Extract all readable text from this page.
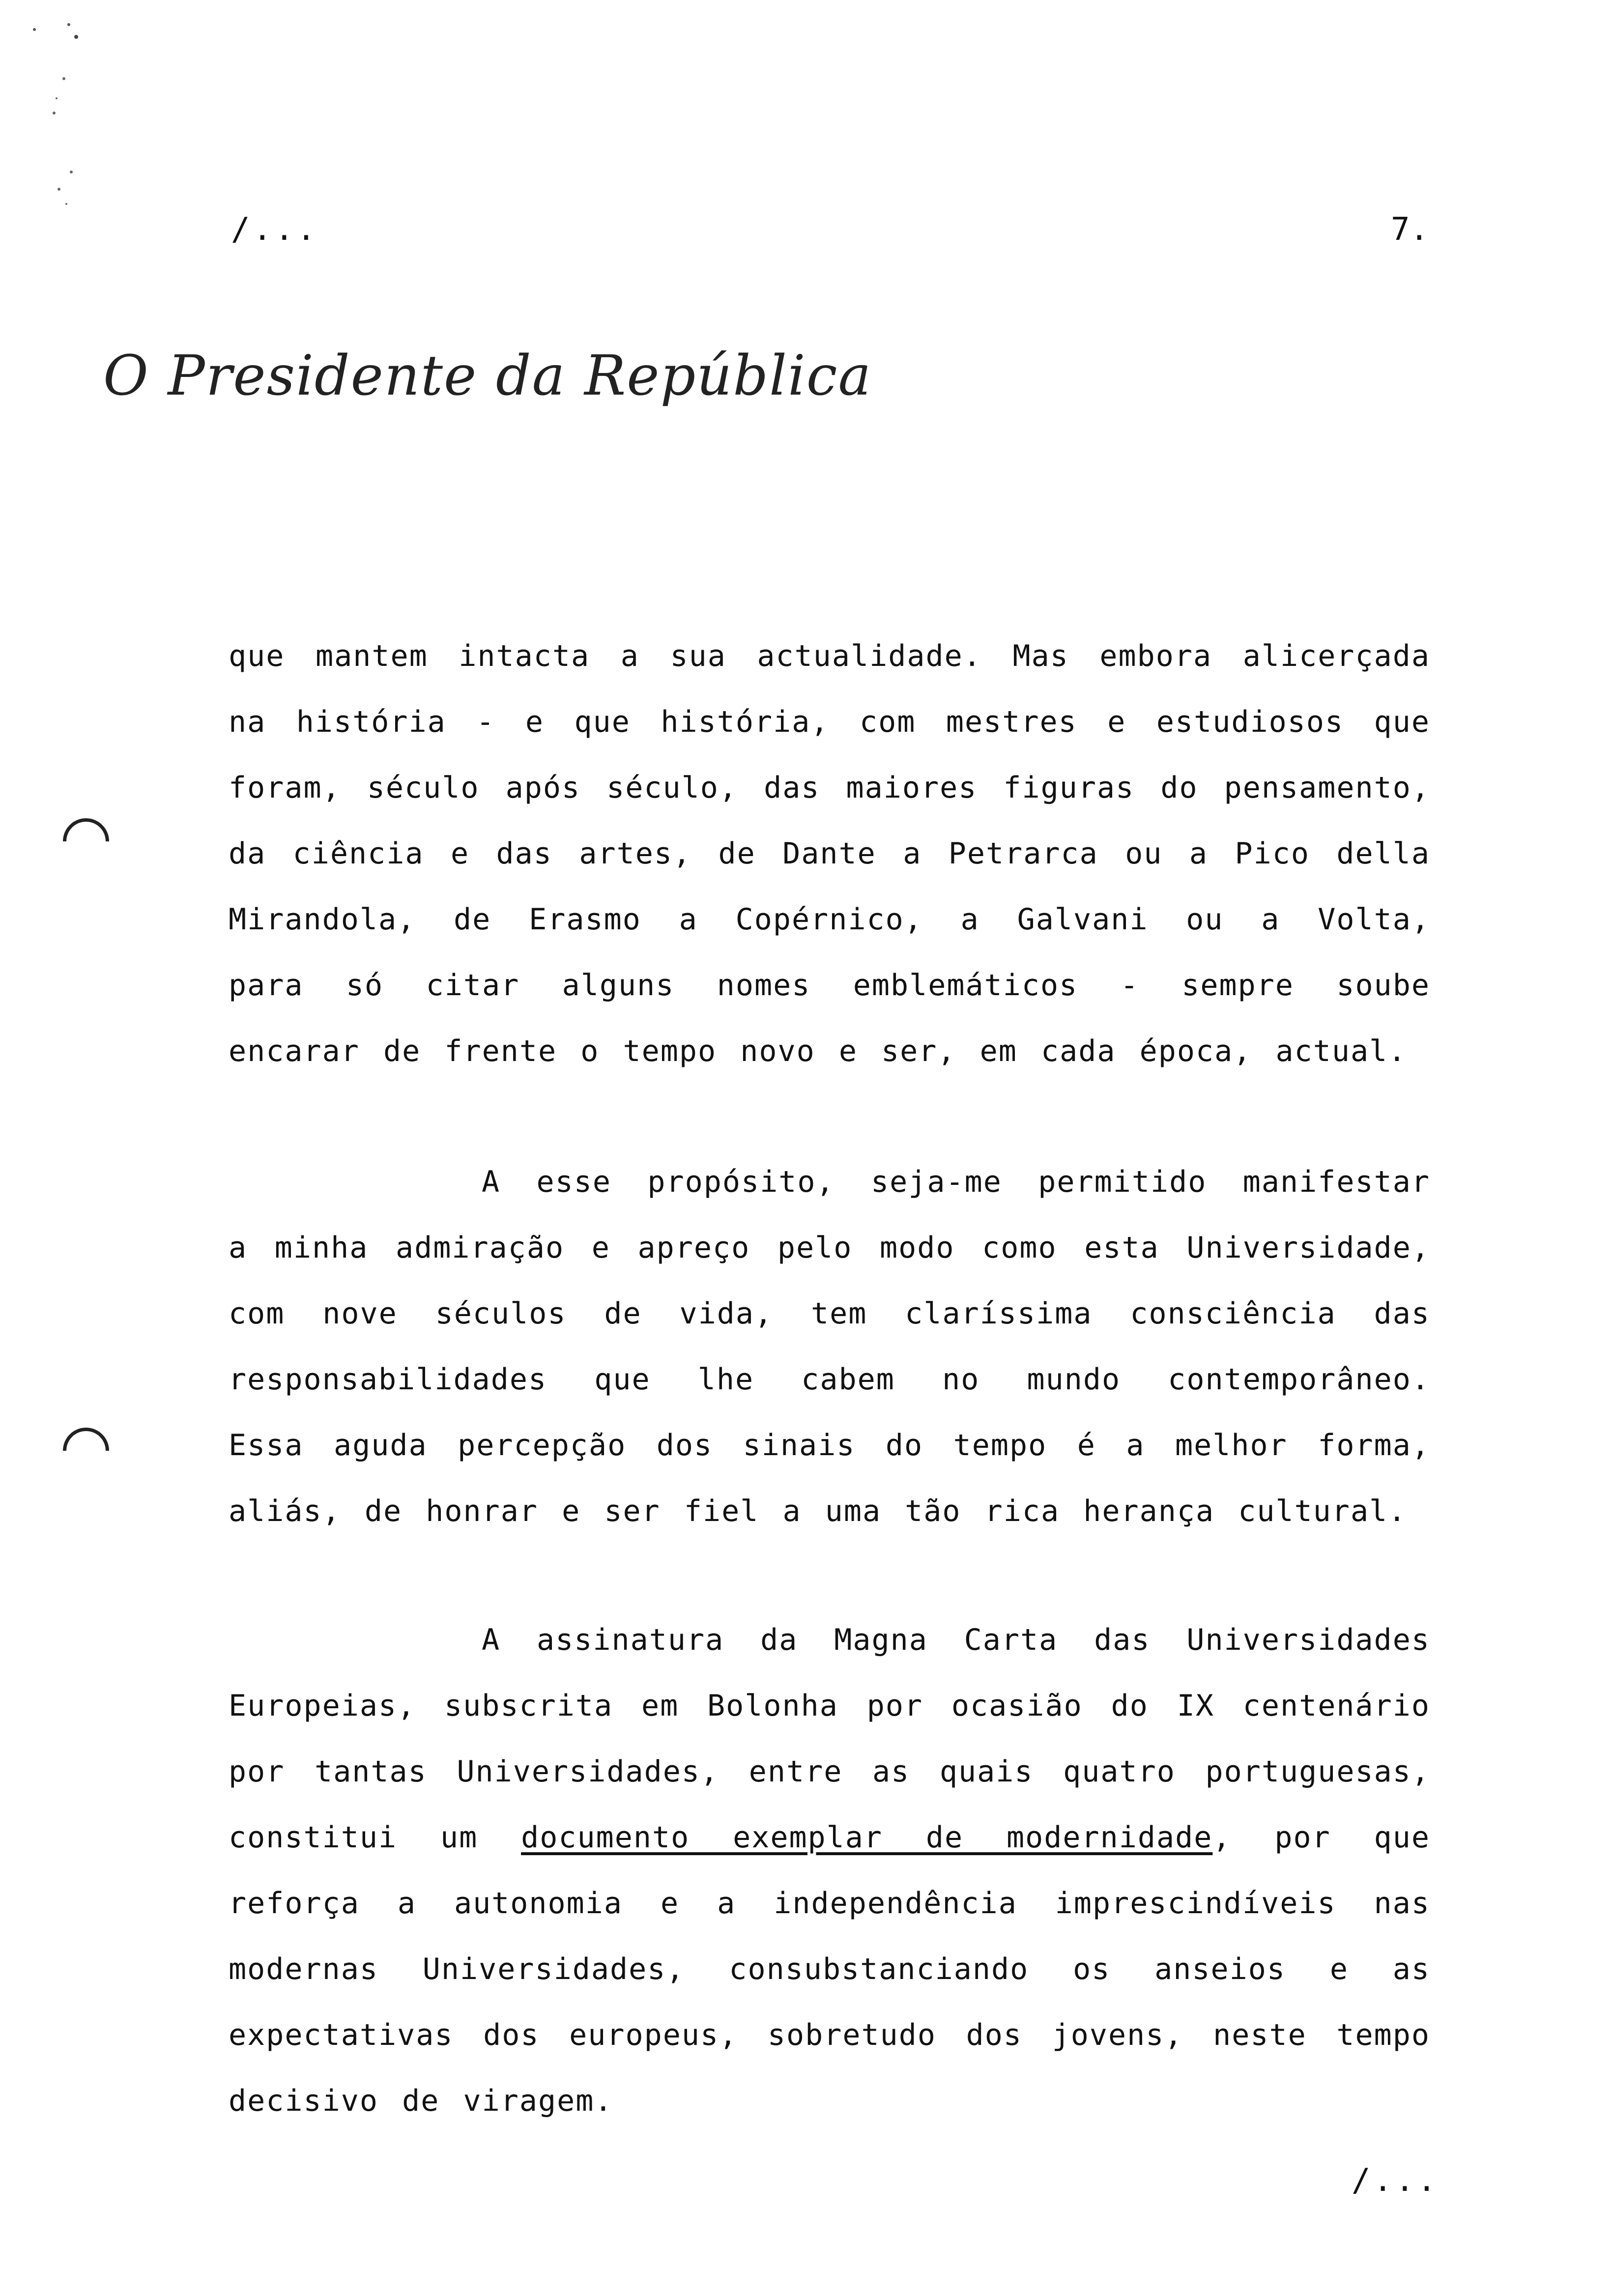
/...	7.
O Presidente da República
que mantem intacta a sua actualidade. Mas embora alicerçada
na história - e que história, com mestres e estudiosos que
foram, século após século, das maiores figuras do pensamento,
da ciência e das artes, de Dante a Petrarca ou a Pico della
Mirandola, de Erasmo a Copérnico, a Galvani ou a Volta,
para só citar alguns nomes emblemáticos - sempre soube
encarar de frente o tempo novo e ser, em cada época, actual.
A esse propósito, seja-me permitido manifestar
a minha admiração e apreço pelo modo como esta Universidade,
com nove séculos de vida, tem claríssima consciência das
responsabilidades que lhe cabem no mundo contemporâneo.
Essa aguda percepção dos sinais do tempo é a melhor forma,
aliás, de honrar e ser fiel a uma tão rica herança cultural.
A assinatura da Magna Carta das Universidades
Europeias, subscrita em Bolonha por ocasião do IX centenário
por tantas Universidades, entre as quais quatro portuguesas,
constitui um documento exemplar de modernidade, por que
reforça a autonomia e a independência imprescindíveis nas
modernas Universidades, consubstanciando os anseios e as
expectativas dos europeus, sobretudo dos jovens, neste tempo
decisivo de viragem.
/...
